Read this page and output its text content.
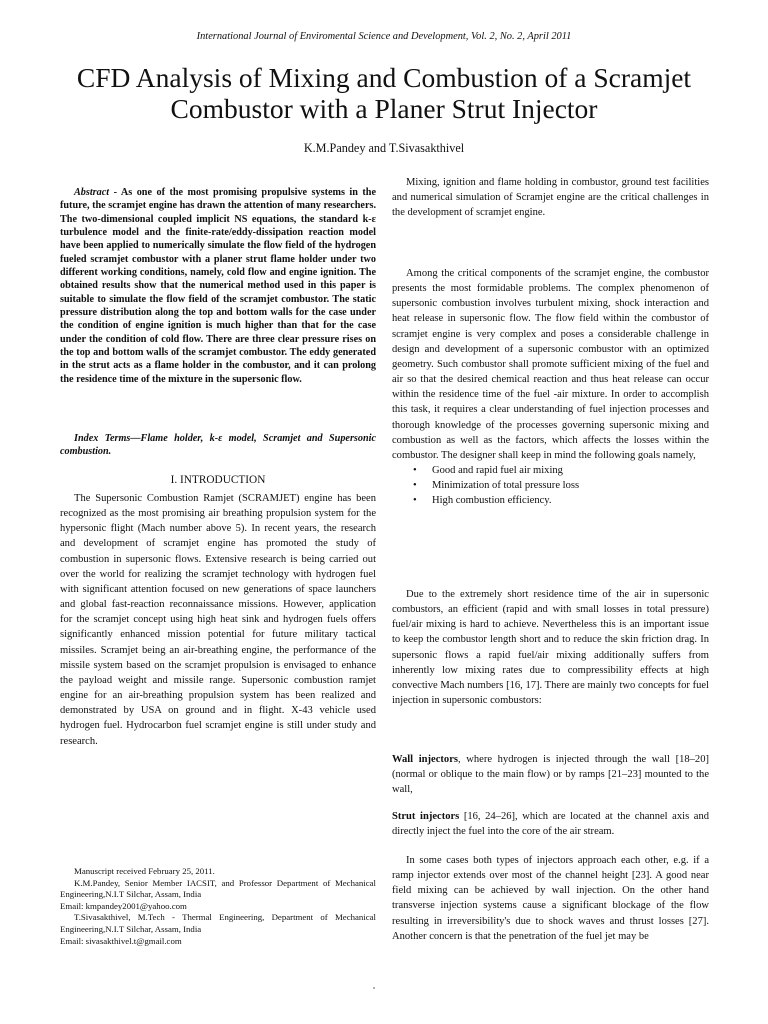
International Journal of Enviromental Science and Development, Vol. 2, No. 2, April 2011
CFD Analysis of Mixing and Combustion of a Scramjet Combustor with a Planer Strut Injector
K.M.Pandey and T.Sivasakthivel

Abstract - As one of the most promising propulsive systems in the future, the scramjet engine has drawn the attention of many researchers. The two-dimensional coupled implicit NS equations, the standard k-ε turbulence model and the finite-rate/eddy-dissipation reaction model have been applied to numerically simulate the flow field of the hydrogen fueled scramjet combustor with a planer strut flame holder under two different working conditions, namely, cold flow and engine ignition. The obtained results show that the numerical method used in this paper is suitable to simulate the flow field of the scramjet combustor. The static pressure distribution along the top and bottom walls for the case under the condition of engine ignition is much higher than that for the case under the condition of cold flow. There are three clear pressure rises on the top and bottom walls of the scramjet combustor. The eddy generated in the strut acts as a flame holder in the combustor, and it can prolong the residence time of the mixture in the supersonic flow.

Index Terms—Flame holder, k-ε model, Scramjet and Supersonic combustion.

I. INTRODUCTION

The Supersonic Combustion Ramjet (SCRAMJET) engine has been recognized as the most promising air breathing propulsion system for the hypersonic flight (Mach number above 5). In recent years, the research and development of scramjet engine has promoted the study of combustion in supersonic flows. Extensive research is being carried out over the world for realizing the scramjet technology with hydrogen fuel with significant attention focused on new generations of space launchers and global fast-reaction reconnaissance missions. However, application for the scramjet concept using high heat sink and hydrogen fuels offers significantly enhanced mission potential for future military tactical missiles. Scramjet being an air-breathing engine, the performance of the missile system based on the scramjet propulsion is envisaged to enhance the payload weight and missile range. Supersonic combustion ramjet engine for an air-breathing propulsion system has been realized and demonstrated by USA on ground and in flight. X-43 vehicle used hydrogen fuel. Hydrocarbon fuel scramjet engine is still under study and research.

Manuscript received February 25, 2011.

K.M.Pandey, Senior Member IACSIT, and Professor Department of Mechanical Engineering,N.I.T Silchar, Assam, India

Email: kmpandey2001@yahoo.com

T.Sivasakthivel, M.Tech - Thermal Engineering, Department of Mechanical Engineering,N.I.T Silchar, Assam, India

Email: sivasakthivel.t@gmail.com

Mixing, ignition and flame holding in combustor, ground test facilities and numerical simulation of Scramjet engine are the critical challenges in the development of scramjet engine.

Among the critical components of the scramjet engine, the combustor presents the most formidable problems. The complex phenomenon of supersonic combustion involves turbulent mixing, shock interaction and heat release in supersonic flow. The flow field within the combustor of scramjet engine is very complex and poses a considerable challenge in design and development of a supersonic combustor with an optimized geometry. Such combustor shall promote sufficient mixing of the fuel and air so that the desired chemical reaction and thus heat release can occur within the residence time of the fuel -air mixture. In order to accomplish this task, it requires a clear understanding of fuel injection processes and thorough knowledge of the processes governing supersonic mixing and combustion as well as the factors, which affects the losses within the combustor. The designer shall keep in mind the following goals namely,

• Good and rapid fuel air mixing
• Minimization of total pressure loss
• High combustion efficiency.

Due to the extremely short residence time of the air in supersonic combustors, an efficient (rapid and with small losses in total pressure) fuel/air mixing is hard to achieve. Nevertheless this is an important issue to keep the combustor length short and to reduce the skin friction drag. In supersonic flows a rapid fuel/air mixing additionally suffers from inherently low mixing rates due to compressibility effects at high convective Mach numbers [16, 17]. There are mainly two concepts for fuel injection in supersonic combustors:

Wall injectors, where hydrogen is injected through the wall [18–20] (normal or oblique to the main flow) or by ramps [21–23] mounted to the wall,

Strut injectors [16, 24–26], which are located at the channel axis and directly inject the fuel into the core of the air stream.

In some cases both types of injectors approach each other, e.g. if a ramp injector extends over most of the channel height [23]. A good near field mixing can be achieved by wall injection. On the other hand transverse injection systems cause a significant blockage of the flow resulting in irreversibility's due to shock waves and thrust losses [27]. Another concern is that the penetration of the fuel jet may be
